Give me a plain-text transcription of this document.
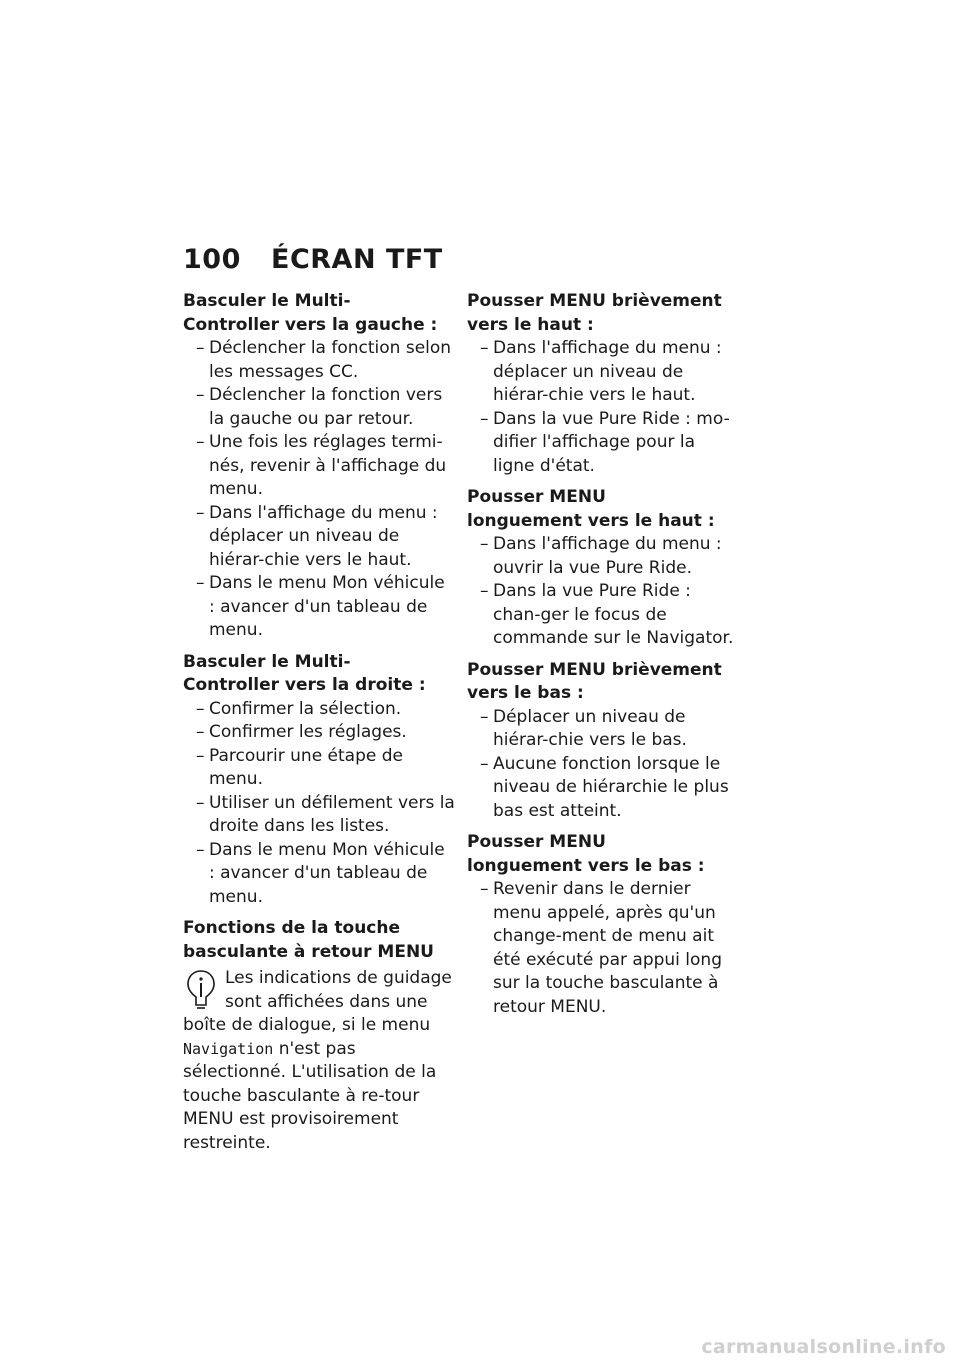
100 ÉCRAN TFT
Basculer le Multi-Controller vers la gauche :
– Déclencher la fonction selon les messages CC.
– Déclencher la fonction vers la gauche ou par retour.
– Une fois les réglages termi-nés, revenir à l'affichage du menu.
– Dans l'affichage du menu : déplacer un niveau de hiérar-chie vers le haut.
– Dans le menu Mon véhicule : avancer d'un tableau de menu.
Basculer le Multi-Controller vers la droite :
– Confirmer la sélection.
– Confirmer les réglages.
– Parcourir une étape de menu.
– Utiliser un défilement vers la droite dans les listes.
– Dans le menu Mon véhicule : avancer d'un tableau de menu.
Fonctions de la touche basculante à retour MENU
Les indications de guidage sont affichées dans une boîte de dialogue, si le menu Navigation n'est pas sélectionné. L'utilisation de la touche basculante à re-tour MENU est provisoirement restreinte.
Pousser MENU brièvement vers le haut :
– Dans l'affichage du menu : déplacer un niveau de hiérar-chie vers le haut.
– Dans la vue Pure Ride : mo-difier l'affichage pour la ligne d'état.
Pousser MENU longuement vers le haut :
– Dans l'affichage du menu : ouvrir la vue Pure Ride.
– Dans la vue Pure Ride : chan-ger le focus de commande sur le Navigator.
Pousser MENU brièvement vers le bas :
– Déplacer un niveau de hiérar-chie vers le bas.
– Aucune fonction lorsque le niveau de hiérarchie le plus bas est atteint.
Pousser MENU longuement vers le bas :
– Revenir dans le dernier menu appelé, après qu'un change-ment de menu ait été exécuté par appui long sur la touche basculante à retour MENU.
carmanualsonline.info
